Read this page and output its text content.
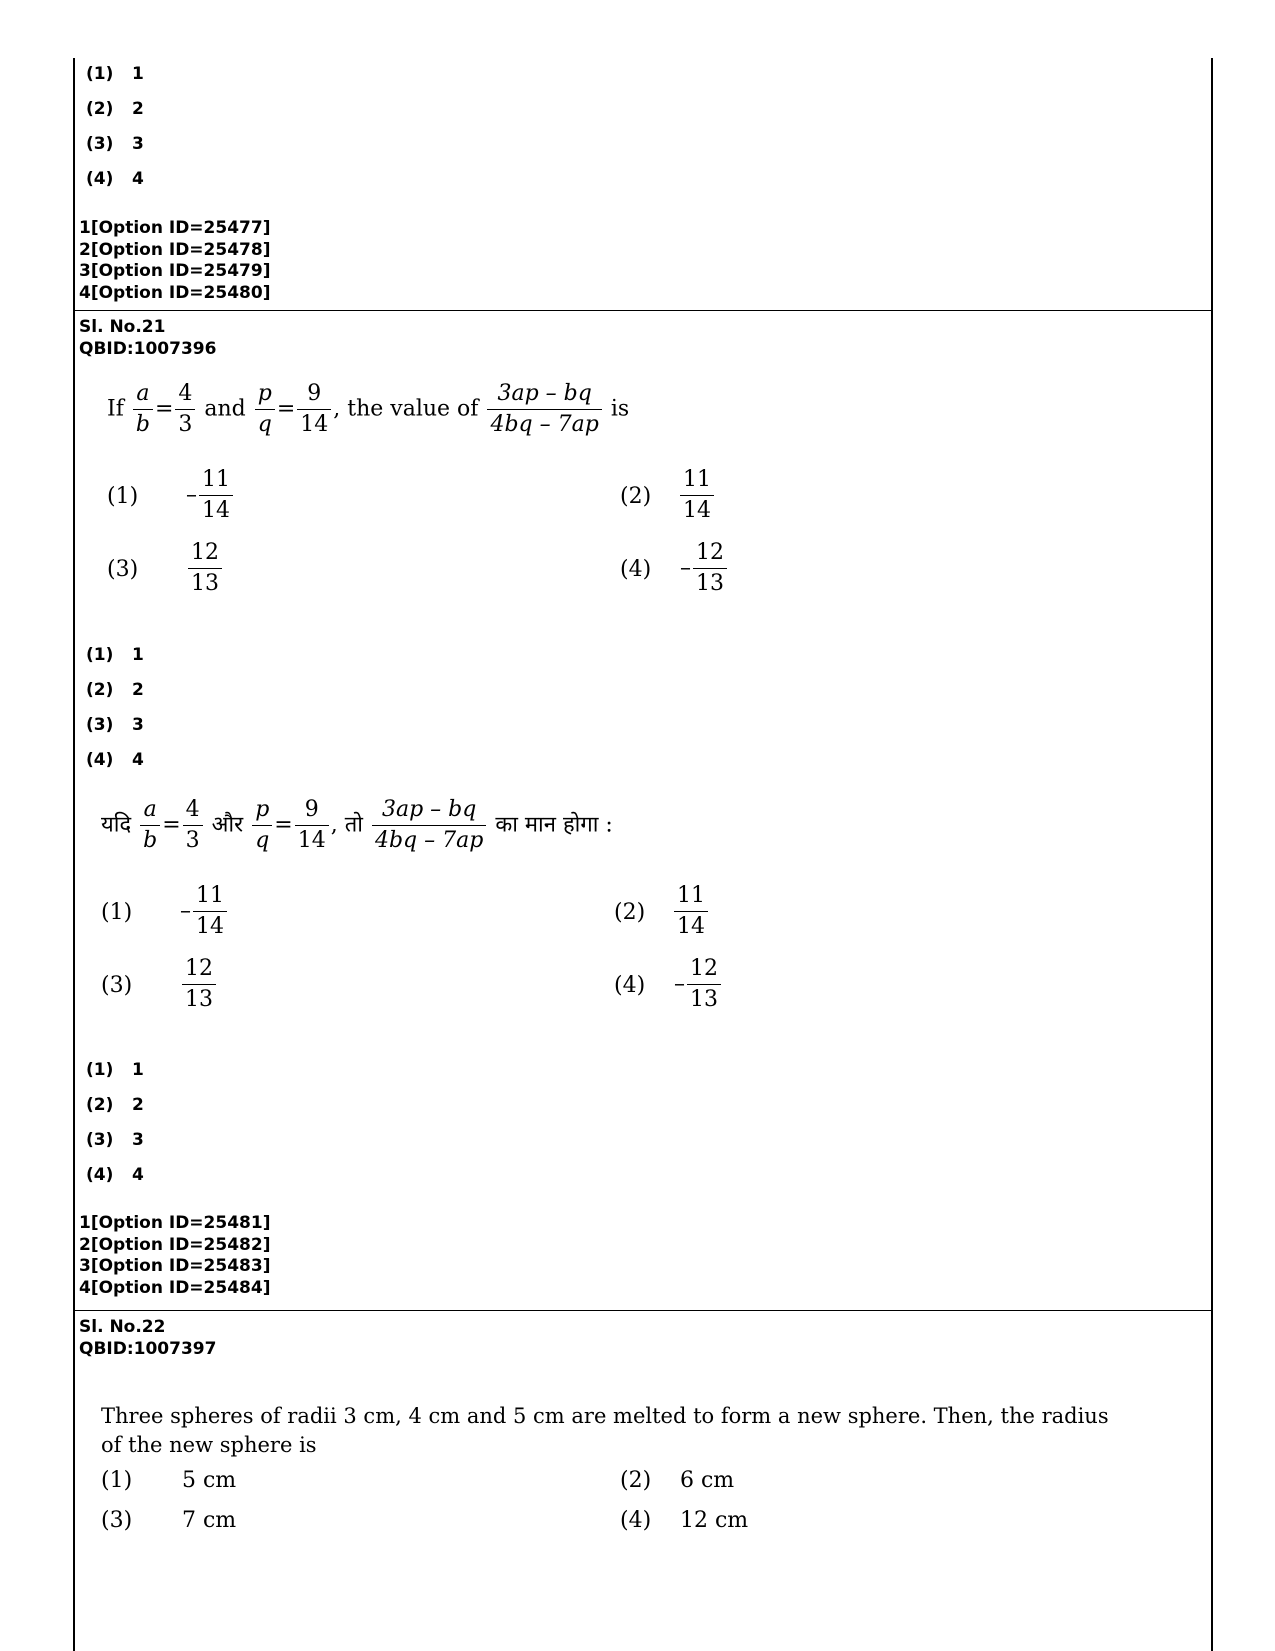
(1) 1
(2) 2
(3) 3
(4) 4
1[Option ID=25477]
2[Option ID=25478]
3[Option ID=25479]
4[Option ID=25480]
Sl. No.21
QBID:1007396
If $\frac{a}{b} = \frac{4}{3}$ and $\frac{p}{q} = \frac{9}{14}$ , the value of $\frac{3ap - bq}{4bq - 7ap}$ is
$(1) - \frac{11}{14}$	$(2) \frac{11}{14}$
$(3) \frac{12}{13}$	$(4) - \frac{12}{13}$
(1) 1
(2) 2
(3) 3
(4) 4
यदि $\frac{a}{b} = \frac{4}{3}$ और $\frac{p}{q} = \frac{9}{14}$ , तो $\frac{3ap - bq}{4bq - 7ap}$ का मान होगा :
$(1) - \frac{11}{14}$	$(2) \frac{11}{14}$
$(3) \frac{12}{13}$	$(4) - \frac{12}{13}$
(1) 1
(2) 2
(3) 3
(4) 4
1[Option ID=25481]
2[Option ID=25482]
3[Option ID=25483]
4[Option ID=25484]
Sl. No.22
QBID:1007397
Three spheres of radii 3 cm, 4 cm and 5 cm are melted to form a new sphere. Then, the radius
of the new sphere is
(1) 5 cm	(2) 6 cm
(3) 7 cm	(4) 12 cm
